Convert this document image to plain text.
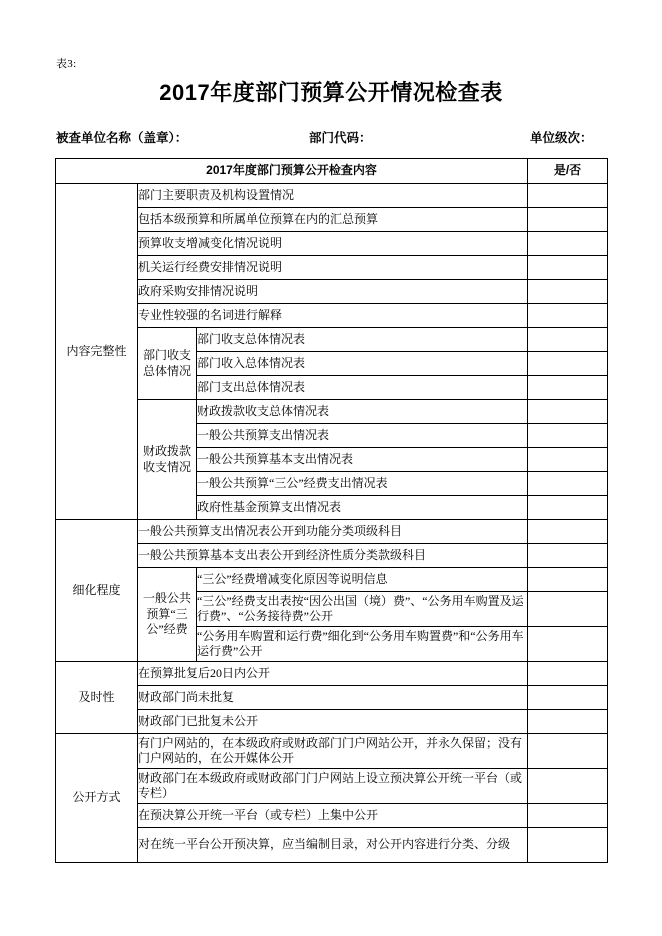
表3:
2017年度部门预算公开情况检查表
被查单位名称（盖章）：	部门代码：	单位级次：
2017年度部门预算公开检查内容			是/否
内容完整性	部门主要职责及机构设置情况		
	包括本级预算和所属单位预算在内的汇总预算		
	预算收支增减变化情况说明		
	机关运行经费安排情况说明		
	政府采购安排情况说明		
	专业性较强的名词进行解释		
	部门收支总体情况	部门收支总体情况表	
		部门收入总体情况表	
		部门支出总体情况表	
	财政拨款收支情况	财政拨款收支总体情况表	
		一般公共预算支出情况表	
		一般公共预算基本支出情况表	
		一般公共预算“三公”经费支出情况表	
		政府性基金预算支出情况表	
细化程度	一般公共预算支出情况表公开到功能分类项级科目		
	一般公共预算基本支出表公开到经济性质分类款级科目		
	一般公共预算“三公”经费	“三公”经费增减变化原因等说明信息	
		“三公”经费支出表按“因公出国（境）费”、“公务用车购置及运行费”、“公务接待费”公开	
		“公务用车购置和运行费”细化到“公务用车购置费”和“公务用车运行费”公开	
及时性	在预算批复后20日内公开		
	财政部门尚未批复		
	财政部门已批复未公开		
公开方式	有门户网站的，在本级政府或财政部门门户网站公开，并永久保留；没有门户网站的，在公开媒体公开		
	财政部门在本级政府或财政部门门户网站上设立预决算公开统一平台（或专栏）		
	在预决算公开统一平台（或专栏）上集中公开		
	对在统一平台公开预决算，应当编制目录，对公开内容进行分类、分级		
